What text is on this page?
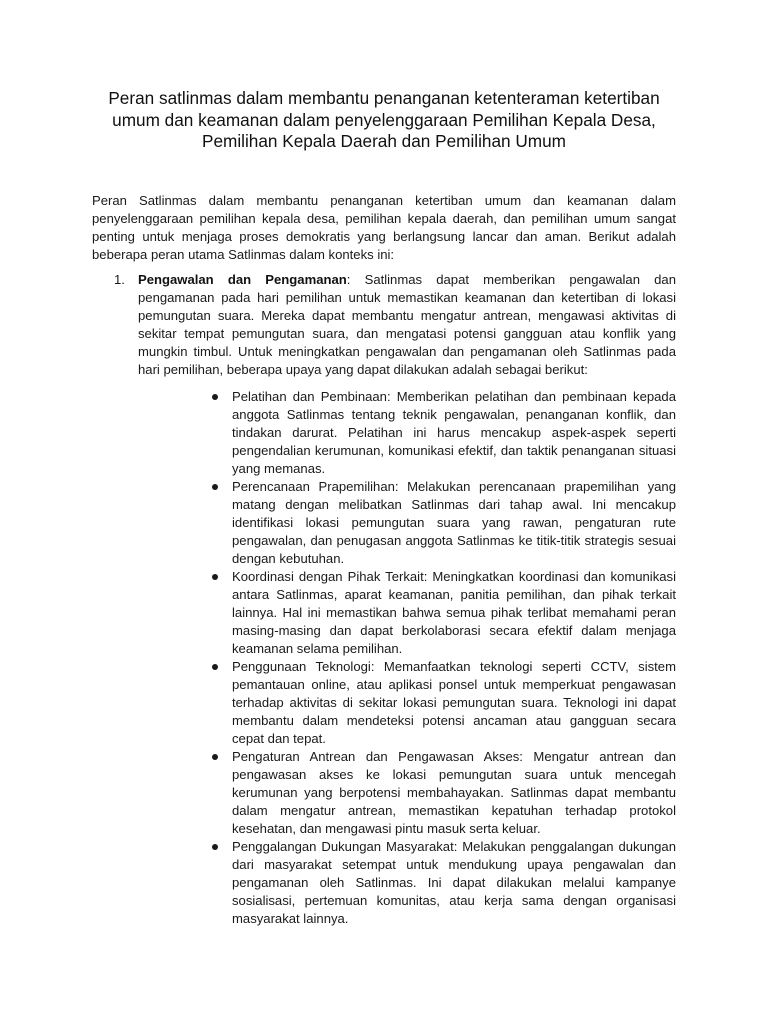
Peran satlinmas dalam membantu penanganan ketenteraman ketertiban
umum dan keamanan dalam penyelenggaraan Pemilihan Kepala Desa,
Pemilihan Kepala Daerah dan Pemilihan Umum

Peran Satlinmas dalam membantu penanganan ketertiban umum dan keamanan dalam penyelenggaraan pemilihan kepala desa, pemilihan kepala daerah, dan pemilihan umum sangat penting untuk menjaga proses demokratis yang berlangsung lancar dan aman. Berikut adalah beberapa peran utama Satlinmas dalam konteks ini:

1. Pengawalan dan Pengamanan: Satlinmas dapat memberikan pengawalan dan pengamanan pada hari pemilihan untuk memastikan keamanan dan ketertiban di lokasi pemungutan suara. Mereka dapat membantu mengatur antrean, mengawasi aktivitas di sekitar tempat pemungutan suara, dan mengatasi potensi gangguan atau konflik yang mungkin timbul. Untuk meningkatkan pengawalan dan pengamanan oleh Satlinmas pada hari pemilihan, beberapa upaya yang dapat dilakukan adalah sebagai berikut:
Pelatihan dan Pembinaan: Memberikan pelatihan dan pembinaan kepada anggota Satlinmas tentang teknik pengawalan, penanganan konflik, dan tindakan darurat. Pelatihan ini harus mencakup aspek-aspek seperti pengendalian kerumunan, komunikasi efektif, dan taktik penanganan situasi yang memanas.
Perencanaan Prapemilihan: Melakukan perencanaan prapemilihan yang matang dengan melibatkan Satlinmas dari tahap awal. Ini mencakup identifikasi lokasi pemungutan suara yang rawan, pengaturan rute pengawalan, dan penugasan anggota Satlinmas ke titik-titik strategis sesuai dengan kebutuhan.
Koordinasi dengan Pihak Terkait: Meningkatkan koordinasi dan komunikasi antara Satlinmas, aparat keamanan, panitia pemilihan, dan pihak terkait lainnya. Hal ini memastikan bahwa semua pihak terlibat memahami peran masing-masing dan dapat berkolaborasi secara efektif dalam menjaga keamanan selama pemilihan.
Penggunaan Teknologi: Memanfaatkan teknologi seperti CCTV, sistem pemantauan online, atau aplikasi ponsel untuk memperkuat pengawasan terhadap aktivitas di sekitar lokasi pemungutan suara. Teknologi ini dapat membantu dalam mendeteksi potensi ancaman atau gangguan secara cepat dan tepat.
Pengaturan Antrean dan Pengawasan Akses: Mengatur antrean dan pengawasan akses ke lokasi pemungutan suara untuk mencegah kerumunan yang berpotensi membahayakan. Satlinmas dapat membantu dalam mengatur antrean, memastikan kepatuhan terhadap protokol kesehatan, dan mengawasi pintu masuk serta keluar.
Penggalangan Dukungan Masyarakat: Melakukan penggalangan dukungan dari masyarakat setempat untuk mendukung upaya pengawalan dan pengamanan oleh Satlinmas. Ini dapat dilakukan melalui kampanye sosialisasi, pertemuan komunitas, atau kerja sama dengan organisasi masyarakat lainnya.
